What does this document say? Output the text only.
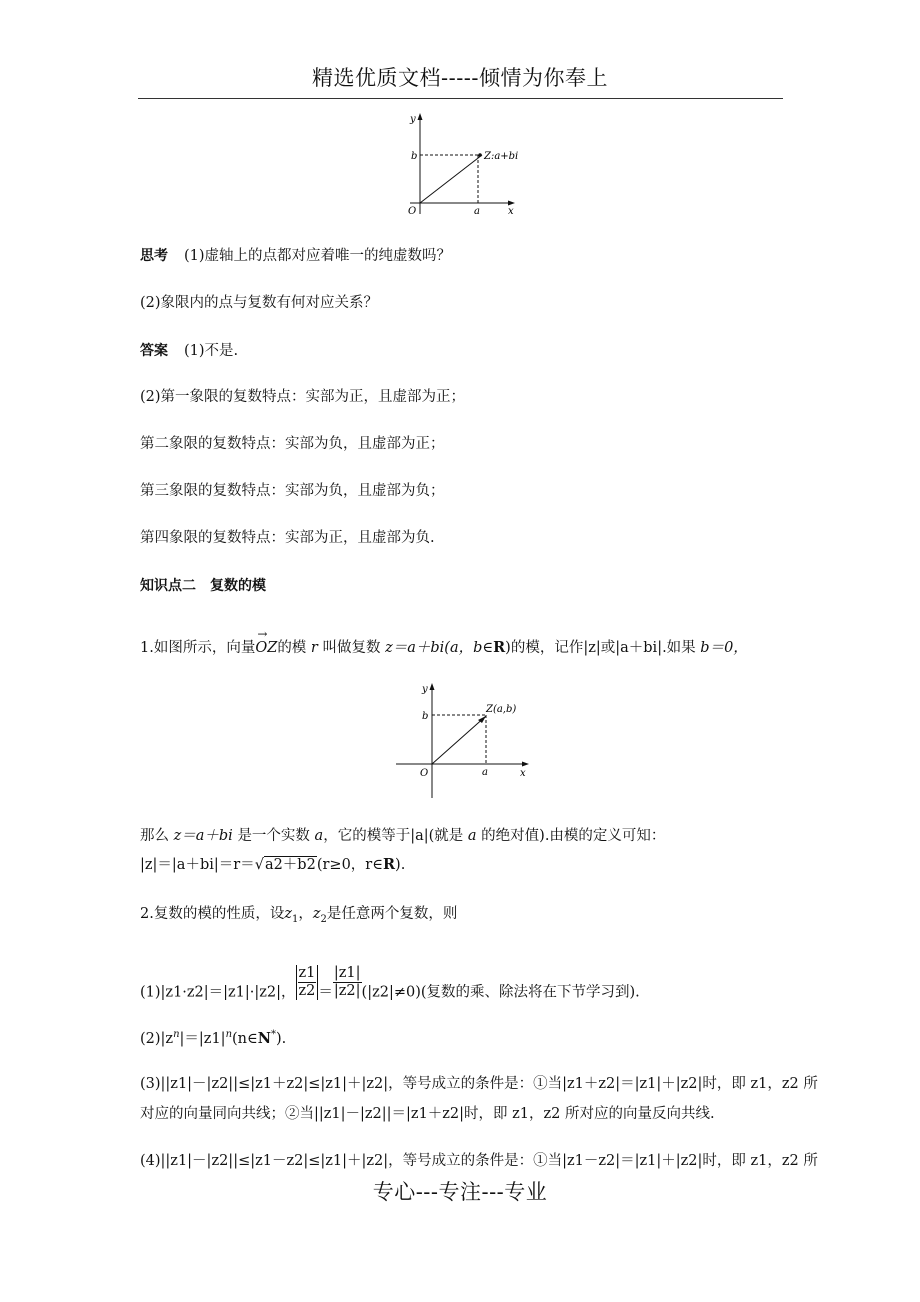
精选优质文档-----倾情为你奉上
y
x
b
a
O
Z:a+bi
思考 (1)虚轴上的点都对应着唯一的纯虚数吗？
(2)象限内的点与复数有何对应关系？
答案 (1)不是.
(2)第一象限的复数特点：实部为正，且虚部为正；
第二象限的复数特点：实部为负，且虚部为正；
第三象限的复数特点：实部为负，且虚部为负；
第四象限的复数特点：实部为正，且虚部为负.
知识点二　复数的模
1.如图所示，向量
→
OZ的模 r 叫做复数 z＝a＋bi(a，b∈R)的模，记作|z|或|a＋bi|.如果 b＝0，
y
x
b
a
O
Z(a,b)
那么 z＝a＋bi 是一个实数 a，它的模等于|a|(就是 a 的绝对值).由模的定义可知：
|z|＝|a＋bi|＝r＝√a2＋b2(r≥0，r∈R).
2.复数的模的性质，设$z_1$，$z_2$是任意两个复数，则
(1)|z1·z2|＝|z1|·|z2|， $\frac{z1}{z2} = \frac{|z1|}{|z2|} (|z2|\ne 0)$(复数的乘、除法将在下节学习到).
$(2)|z^n|=|z1|^n(n\in N^*)$.
(3)||z1|－|z2||≤|z1＋z2|≤|z1|＋|z2|，等号成立的条件是：①当|z1＋z2|＝|z1|＋|z2|时，即 z1，z2 所
对应的向量同向共线；②当||z1|－|z2||＝|z1＋z2|时，即 z1，z2 所对应的向量反向共线.
(4)||z1|－|z2||≤|z1－z2|≤|z1|＋|z2|，等号成立的条件是：①当|z1－z2|＝|z1|＋|z2|时，即 z1，z2 所
专心---专注---专业
